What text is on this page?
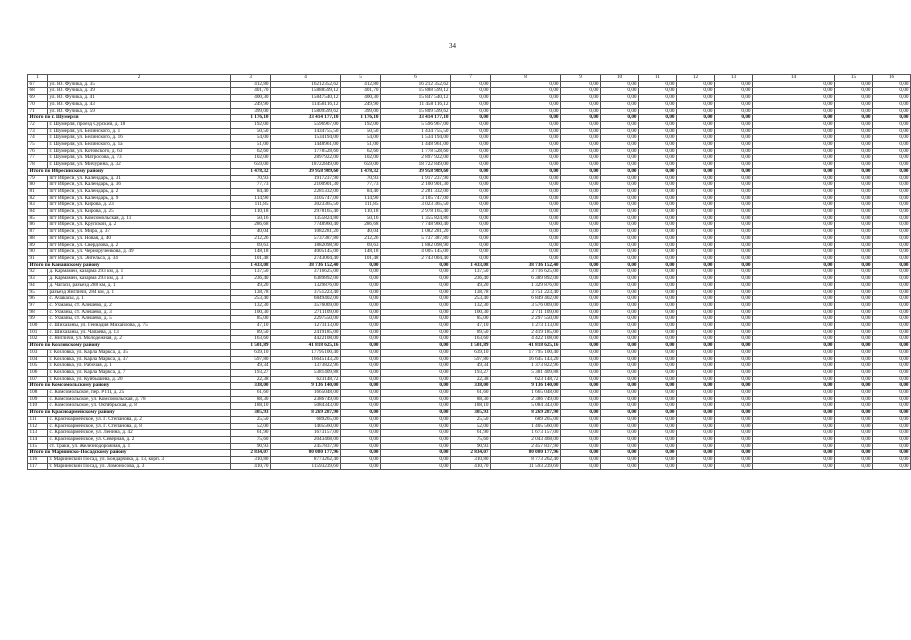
34
1	2	3	4	5	6	7	8	9	10	11	12	13	14	15	16
67	ул. Ю. Фучика, д. 35	412,80	16212352,62	412,80	16 212 352,62	0,00	0,00	0,00	0,00	0,00	0,00	0,00	0,00	0,00	0,00
68	ул. Ю. Фучика, д. 39	401,70	15888599,12	401,70	15 888 599,12	0,00	0,00	0,00	0,00	0,00	0,00	0,00	0,00	0,00	0,00
69	ул. Ю. Фучика, д. 41	400,30	15847540,12	400,30	15 847 540,12	0,00	0,00	0,00	0,00	0,00	0,00	0,00	0,00	0,00	0,00
70	ул. Ю. Фучика, д. 43	249,90	11458116,12	249,90	11 458 116,12	0,00	0,00	0,00	0,00	0,00	0,00	0,00	0,00	0,00	0,00
71	ул. Ю. Фучика, д. 59	399,00	15809599,62	399,00	15 809 599,62	0,00	0,00	0,00	0,00	0,00	0,00	0,00	0,00	0,00	0,00
Итого по г. Шумерля		1 176,10	33 414 177,10	1 176,10	33 414 177,10	0,00	0,00	0,00	0,00	0,00	0,00	0,00	0,00	0,00	0,00
72	г. Шумерля, проезд Сурский, д. 18	192,00	5596967,00	192,00	5 596 967,00	0,00	0,00	0,00	0,00	0,00	0,00	0,00	0,00	0,00	0,00
73	г. Шумерля, ул. Белинского, д. 1	50,50	1434755,50	50,50	1 434 755,50	0,00	0,00	0,00	0,00	0,00	0,00	0,00	0,00	0,00	0,00
74	г. Шумерля, ул. Белинского, д. 16	54,00	1534194,00	54,00	1 534 194,00	0,00	0,00	0,00	0,00	0,00	0,00	0,00	0,00	0,00	0,00
75	г. Шумерля, ул. Белинского, д. 1а	51,00	1448961,00	51,00	1 448 961,00	0,00	0,00	0,00	0,00	0,00	0,00	0,00	0,00	0,00	0,00
76	г. Шумерля, ул. Котовского, д. 63	62,60	1778528,60	62,60	1 778 528,60	0,00	0,00	0,00	0,00	0,00	0,00	0,00	0,00	0,00	0,00
77	г. Шумерля, ул. Матросова, д. 73	102,00	2897922,00	102,00	2 897 922,00	0,00	0,00	0,00	0,00	0,00	0,00	0,00	0,00	0,00	0,00
78	г. Шумерля, ул. Мичурина, д. 32	659,00	18722849,00	659,00	18 722 849,00	0,00	0,00	0,00	0,00	0,00	0,00	0,00	0,00	0,00	0,00
Итого по Ибресинскому району		1 478,32	39 958 989,60	1 478,32	39 958 989,60	0,00	0,00	0,00	0,00	0,00	0,00	0,00	0,00	0,00	0,00
79	пгт Ибреси, ул. Календарь, д. 31	70,93	1917237,90	70,93	1 917 237,90	0,00	0,00	0,00	0,00	0,00	0,00	0,00	0,00	0,00	0,00
80	пгт Ибреси, ул. Календарь, д. 36	77,73	2100901,30	77,73	2 100 901,30	0,00	0,00	0,00	0,00	0,00	0,00	0,00	0,00	0,00	0,00
81	пгт Ибреси, ул. Календарь, д. 2	84,40	2281332,00	84,40	2 281 332,00	0,00	0,00	0,00	0,00	0,00	0,00	0,00	0,00	0,00	0,00
82	пгт Ибреси, ул. Календарь, д. 9	114,90	3105747,00	114,90	3 105 747,00	0,00	0,00	0,00	0,00	0,00	0,00	0,00	0,00	0,00	0,00
83	пгт Ибреси, ул. Кирова, д. 23	111,85	3023365,50	111,85	3 023 365,50	0,00	0,00	0,00	0,00	0,00	0,00	0,00	0,00	0,00	0,00
84	пгт Ибреси, ул. Кирова, д. 25	110,18	2978165,40	110,18	2 978 165,40	0,00	0,00	0,00	0,00	0,00	0,00	0,00	0,00	0,00	0,00
85	пгт Ибреси, ул. Комсомольская, д. 11	50,16	1355824,80	50,16	1 355 824,80	0,00	0,00	0,00	0,00	0,00	0,00	0,00	0,00	0,00	0,00
86	пгт Ибреси, ул. Крупской, д. 2	286,68	7748960,40	286,68	7 748 960,40	0,00	0,00	0,00	0,00	0,00	0,00	0,00	0,00	0,00	0,00
87	пгт Ибреси, ул. Мира, д. 37	40,04	1082281,20	40,04	1 082 281,20	0,00	0,00	0,00	0,00	0,00	0,00	0,00	0,00	0,00	0,00
88	пгт Ибреси, ул. Новая, д. 40	212,26	5737387,80	212,26	5 737 387,80	0,00	0,00	0,00	0,00	0,00	0,00	0,00	0,00	0,00	0,00
89	пгт Ибреси, ул. Свердлова, д. 2	69,63	1882098,90	69,63	1 882 098,90	0,00	0,00	0,00	0,00	0,00	0,00	0,00	0,00	0,00	0,00
90	пгт Ибреси, ул. Чернорученкова, д. 49	148,18	4005145,00	148,18	4 005 145,00	0,00	0,00	0,00	0,00	0,00	0,00	0,00	0,00	0,00	0,00
91	пгт Ибреси, ул. Энгельса, д. 34	101,48	2743004,40	101,48	2 743 004,40	0,00	0,00	0,00	0,00	0,00	0,00	0,00	0,00	0,00	0,00
Итого по Канашскому району		1 433,08	38 736 152,40	0,00	0,00	1 433,08	38 736 152,40	0,00	0,00	0,00	0,00	0,00	0,00	0,00	0,00
92	д. Кармамеи, казарма 293 км, д. 1	137,50	3716625,00	0,00	0,00	137,50	3 716 625,00	0,00	0,00	0,00	0,00	0,00	0,00	0,00	0,00
93	д. Кармамеи, казарма 293 км, д. 3	236,40	6389892,00	0,00	0,00	236,40	6 389 892,00	0,00	0,00	0,00	0,00	0,00	0,00	0,00	0,00
94	д. Чагаси, разъезд 288 км, д. 1	49,20	1329876,00	0,00	0,00	49,20	1 329 876,00	0,00	0,00	0,00	0,00	0,00	0,00	0,00	0,00
95	разъезд Янгличи, 284 км, д. 1	138,78	3751223,40	0,00	0,00	138,78	3 751 223,40	0,00	0,00	0,00	0,00	0,00	0,00	0,00	0,00
96	с. Ачакасы, д. 1	253,40	6849402,00	0,00	0,00	253,40	6 849 402,00	0,00	0,00	0,00	0,00	0,00	0,00	0,00	0,00
97	с. Ухманы, ст. Алешево, д. 2	132,30	3576069,00	0,00	0,00	132,30	3 576 069,00	0,00	0,00	0,00	0,00	0,00	0,00	0,00	0,00
98	с. Ухманы, ст. Алешево, д. 3	100,30	2711109,00	0,00	0,00	100,30	2 711 109,00	0,00	0,00	0,00	0,00	0,00	0,00	0,00	0,00
99	с. Ухманы, ст. Алешево, д. 5	85,00	2297550,00	0,00	0,00	85,00	2 297 550,00	0,00	0,00	0,00	0,00	0,00	0,00	0,00	0,00
100	с. Шихазаны, ул. Геннадия Михайлова, д. 75	47,10	1273113,00	0,00	0,00	47,10	1 273 113,00	0,00	0,00	0,00	0,00	0,00	0,00	0,00	0,00
101	с. Шихазаны, ул. Чапаева, д. 13	89,50	2419185,00	0,00	0,00	89,50	2 419 185,00	0,00	0,00	0,00	0,00	0,00	0,00	0,00	0,00
102	с. Янгличи, ул. Молодежная, д. 2	163,60	4422108,00	0,00	0,00	163,60	4 422 108,00	0,00	0,00	0,00	0,00	0,00	0,00	0,00	0,00
Итого по Козловскому району		1 501,89	41 818 625,16	0,00	0,00	1 501,89	41 818 625,16	0,00	0,00	0,00	0,00	0,00	0,00	0,00	0,00
103	г. Козловка, ул. Карла Маркса, д. 35	639,10	17795100,40	0,00	0,00	639,10	17 795 100,40	0,00	0,00	0,00	0,00	0,00	0,00	0,00	0,00
104	г. Козловка, ул. Карла Маркса, д. 37	597,80	16645143,20	0,00	0,00	597,80	16 645 143,20	0,00	0,00	0,00	0,00	0,00	0,00	0,00	0,00
105	г. Козловка, ул. Рабочая, д. 1	49,34	1373822,96	0,00	0,00	49,34	1 373 822,96	0,00	0,00	0,00	0,00	0,00	0,00	0,00	0,00
106	г. Козловка, ул. Карла Маркса, д. 7	193,27	5381409,88	0,00	0,00	193,27	5 381 409,88	0,00	0,00	0,00	0,00	0,00	0,00	0,00	0,00
107	г. Козловка, ул. Куйбышева, д. 20	22,38	623148,72	0,00	0,00	22,38	623 148,72	0,00	0,00	0,00	0,00	0,00	0,00	0,00	0,00
Итого по Комсомольскому району		338,00	9 136 140,00	0,00	0,00	338,00	9 136 140,00	0,00	0,00	0,00	0,00	0,00	0,00	0,00	0,00
108	с. Комсомольское, пер. РТП, д. 25	61,60	1665048,00	0,00	0,00	61,60	1 665 048,00	0,00	0,00	0,00	0,00	0,00	0,00	0,00	0,00
109	с. Комсомольское, ул. Комсомольская, д. 78	88,30	2386749,00	0,00	0,00	88,30	2 386 749,00	0,00	0,00	0,00	0,00	0,00	0,00	0,00	0,00
110	с. Комсомольское, ул. Октябрьская, д. 8	188,10	5084343,00	0,00	0,00	188,10	5 084 343,00	0,00	0,00	0,00	0,00	0,00	0,00	0,00	0,00
Итого по Красноармейскому району		305,93	8 269 287,90	0,00	0,00	305,93	8 269 287,90	0,00	0,00	0,00	0,00	0,00	0,00	0,00	0,00
111	с. Красноармейское, ул. Г. Степанова, д. 2	25,50	689265,00	0,00	0,00	25,50	689 265,00	0,00	0,00	0,00	0,00	0,00	0,00	0,00	0,00
112	с. Красноармейское, ул. Г. Степанова, д. 8	52,00	1405560,00	0,00	0,00	52,00	1 405 560,00	0,00	0,00	0,00	0,00	0,00	0,00	0,00	0,00
113	с. Красноармейское, ул. Ленина, д. 42	61,90	1673157,00	0,00	0,00	61,90	1 673 157,00	0,00	0,00	0,00	0,00	0,00	0,00	0,00	0,00
114	с. Красноармейское, ул. Северная, д. 2	75,60	2043468,00	0,00	0,00	75,60	2 043 468,00	0,00	0,00	0,00	0,00	0,00	0,00	0,00	0,00
115	ст. Траки, ул. Железнодорожная, д. 1	90,93	2457837,90	0,00	0,00	90,93	2 457 837,90	0,00	0,00	0,00	0,00	0,00	0,00	0,00	0,00
Итого по Мариинско-Посадскому району		2 834,07	80 080 177,96	0,00	0,00	2 834,07	80 080 177,96	0,00	0,00	0,00	0,00	0,00	0,00	0,00	0,00
116	г. Мариинский Посад, ул. Бондарчика, д. 13, корп. 3	310,80	8773262,40	0,00	0,00	310,80	8 773 262,40	0,00	0,00	0,00	0,00	0,00	0,00	0,00	0,00
117	г. Мариинский Посад, ул. Ломоносова, д. 3	410,70	11593239,60	0,00	0,00	410,70	11 593 239,60	0,00	0,00	0,00	0,00	0,00	0,00	0,00	0,00
